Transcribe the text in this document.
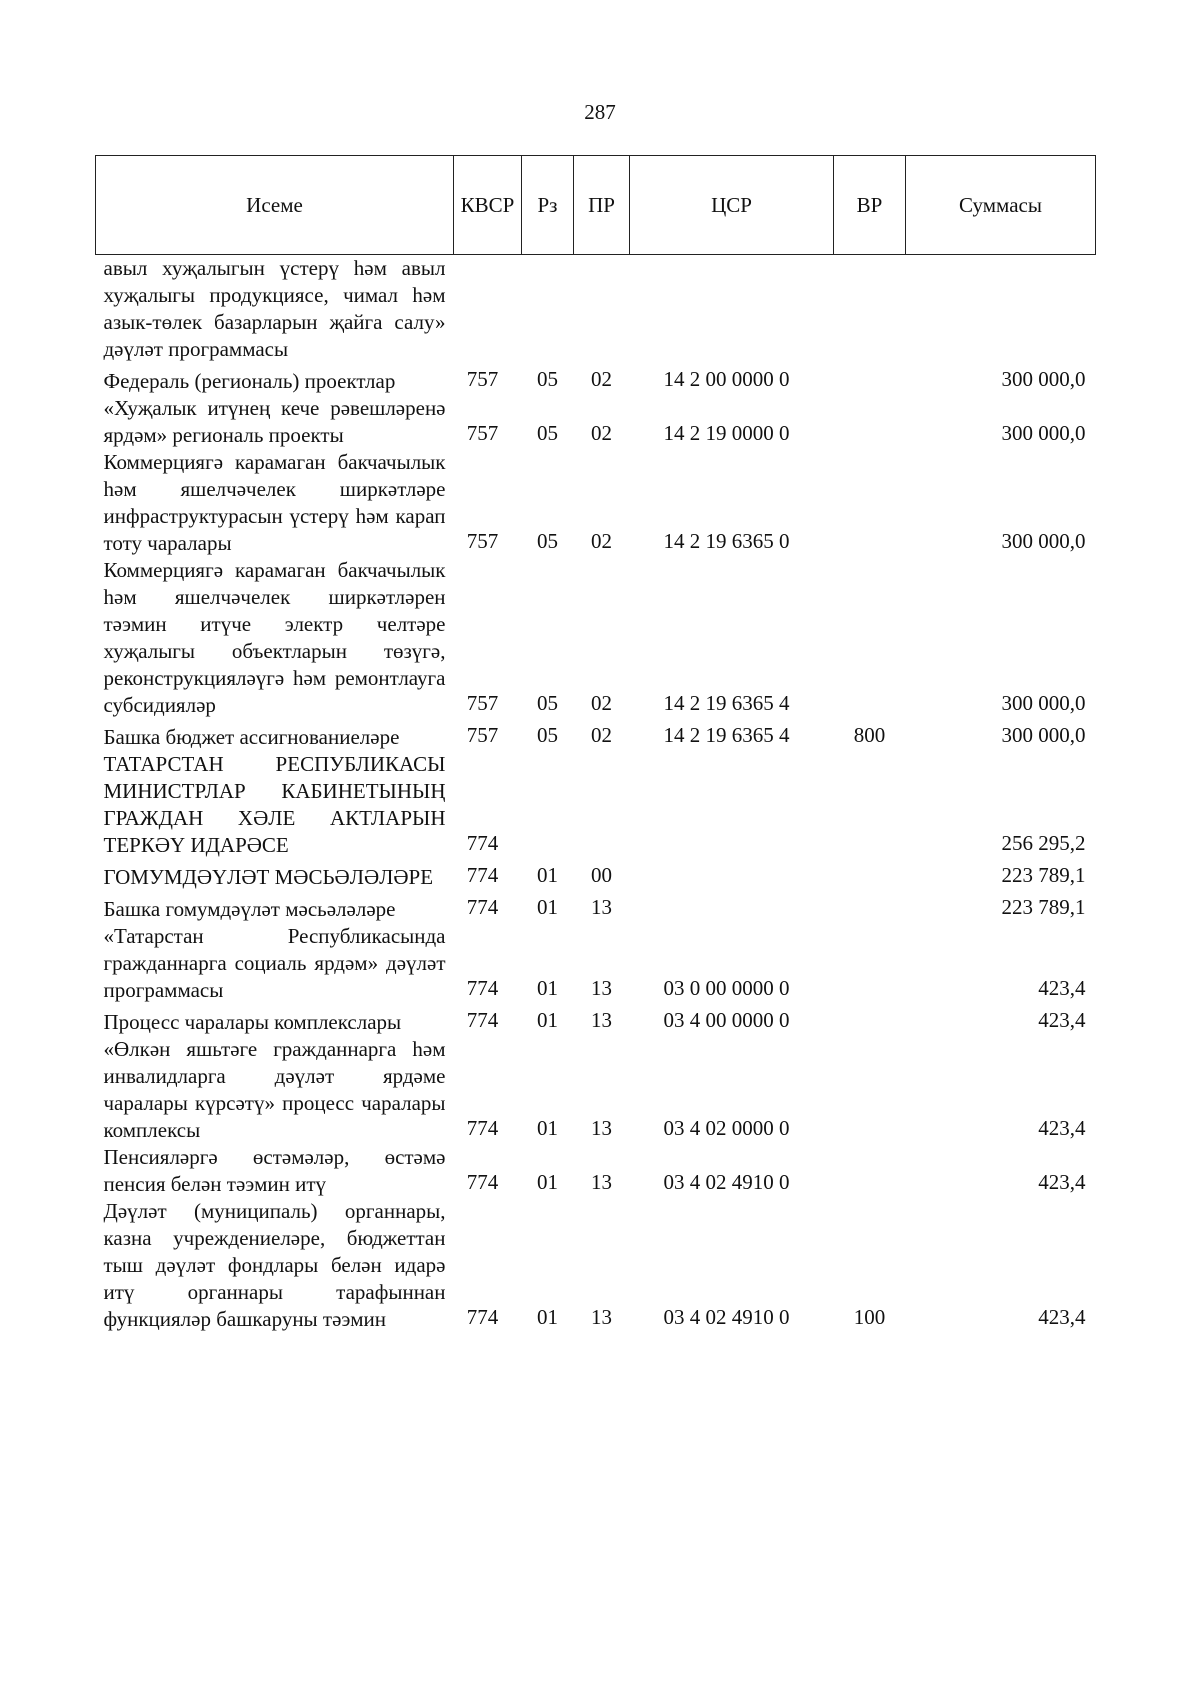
287
Исеме	КВСР	Рз	ПР	ЦСР	ВР	Суммасы
авыл хуҗалыгын үстерү һәм авыл хуҗалыгы продукциясе, чимал һәм азык-төлек базарларын җайга салу» дәүләт программасы						
Федераль (региональ) проектлар	757	05	02	14 2 00 0000 0		300 000,0
«Хуҗалык итүнең кече рәвешләренә ярдәм» региональ проекты	757	05	02	14 2 19 0000 0		300 000,0
Коммерциягә карамаган бакчачылык һәм яшелчәчелек ширкәтләре инфраструктурасын үстерү һәм карап тоту чаралары	757	05	02	14 2 19 6365 0		300 000,0
Коммерциягә карамаган бакчачылык һәм яшелчәчелек ширкәтләрен тәэмин итүче электр челтәре хуҗалыгы объектларын төзүгә, реконструкцияләүгә һәм ремонтлауга субсидияләр	757	05	02	14 2 19 6365 4		300 000,0
Башка бюджет ассигнованиеләре	757	05	02	14 2 19 6365 4	800	300 000,0
ТАТАРСТАН РЕСПУБЛИКАСЫ МИНИСТРЛАР КАБИНЕТЫНЫҢ ГРАЖДАН ХӘЛЕ АКТЛАРЫН ТЕРКӘҮ ИДАРӘСЕ	774					256 295,2
ГОМУМДӘҮЛӘТ МӘСЬӘЛӘЛӘРЕ	774	01	00			223 789,1
Башка гомумдәүләт мәсьәләләре	774	01	13			223 789,1
«Татарстан Республикасында гражданнарга социаль ярдәм» дәүләт программасы	774	01	13	03 0 00 0000 0		423,4
Процесс чаралары комплекслары	774	01	13	03 4 00 0000 0		423,4
«Өлкән яшьтәге гражданнарга һәм инвалидларга дәүләт ярдәме чаралары күрсәтү» процесс чаралары комплексы	774	01	13	03 4 02 0000 0		423,4
Пенсияләргә өстәмәләр, өстәмә пенсия белән тәэмин итү	774	01	13	03 4 02 4910 0		423,4
Дәүләт (муниципаль) органнары, казна учреждениеләре, бюджеттан тыш дәүләт фондлары белән идарә итү органнары тарафыннан функцияләр башкаруны тәэмин	774	01	13	03 4 02 4910 0	100	423,4
